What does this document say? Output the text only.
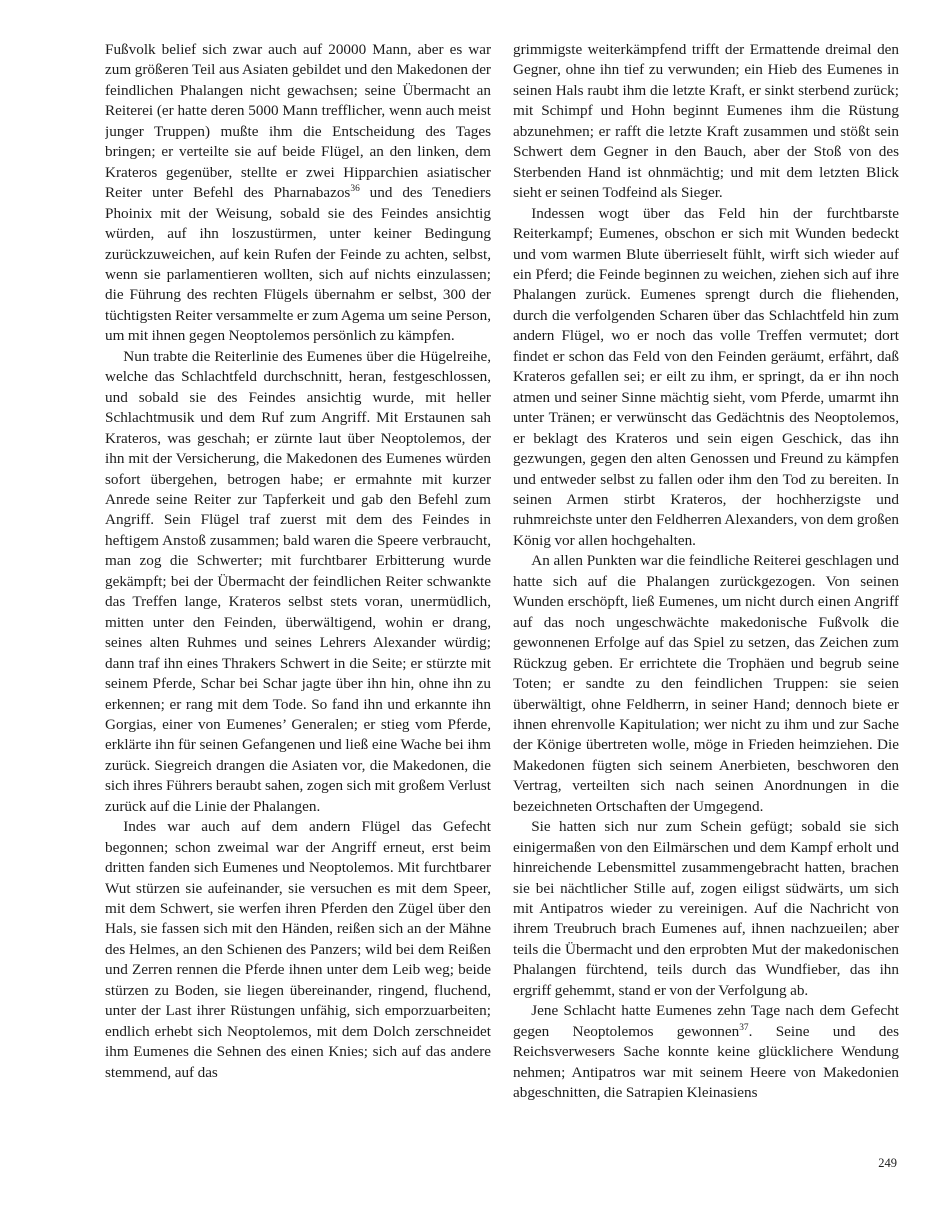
Fußvolk belief sich zwar auch auf 20000 Mann, aber es war zum größeren Teil aus Asiaten gebildet und den Makedonen der feindlichen Phalangen nicht gewachsen; seine Übermacht an Reiterei (er hatte deren 5000 Mann trefflicher, wenn auch meist junger Truppen) mußte ihm die Entscheidung des Tages bringen; er verteilte sie auf beide Flügel, an den linken, dem Krateros gegenüber, stellte er zwei Hipparchien asiatischer Reiter unter Befehl des Pharnabazos$^{36}$ und des Tenediers Phoinix mit der Weisung, sobald sie des Feindes ansichtig würden, auf ihn loszustürmen, unter keiner Bedingung zurückzuweichen, auf kein Rufen der Feinde zu achten, selbst, wenn sie parlamentieren wollten, sich auf nichts einzulassen; die Führung des rechten Flügels übernahm er selbst, 300 der tüchtigsten Reiter versammelte er zum Agema um seine Person, um mit ihnen gegen Neoptolemos persönlich zu kämpfen.

Nun trabte die Reiterlinie des Eumenes über die Hügelreihe, welche das Schlachtfeld durchschnitt, heran, festgeschlossen, und sobald sie des Feindes ansichtig wurde, mit heller Schlachtmusik und dem Ruf zum Angriff. Mit Erstaunen sah Krateros, was geschah; er zürnte laut über Neoptolemos, der ihn mit der Versicherung, die Makedonen des Eumenes würden sofort übergehen, betrogen habe; er ermahnte mit kurzer Anrede seine Reiter zur Tapferkeit und gab den Befehl zum Angriff. Sein Flügel traf zuerst mit dem des Feindes in heftigem Anstoß zusammen; bald waren die Speere verbraucht, man zog die Schwerter; mit furchtbarer Erbitterung wurde gekämpft; bei der Übermacht der feindlichen Reiter schwankte das Treffen lange, Krateros selbst stets voran, unermüdlich, mitten unter den Feinden, überwältigend, wohin er drang, seines alten Ruhmes und seines Lehrers Alexander würdig; dann traf ihn eines Thrakers Schwert in die Seite; er stürzte mit seinem Pferde, Schar bei Schar jagte über ihn hin, ohne ihn zu erkennen; er rang mit dem Tode. So fand ihn und erkannte ihn Gorgias, einer von Eumenes’ Generalen; er stieg vom Pferde, erklärte ihn für seinen Gefangenen und ließ eine Wache bei ihm zurück. Siegreich drangen die Asiaten vor, die Makedonen, die sich ihres Führers beraubt sahen, zogen sich mit großem Verlust zurück auf die Linie der Phalangen.

Indes war auch auf dem andern Flügel das Gefecht begonnen; schon zweimal war der Angriff erneut, erst beim dritten fanden sich Eumenes und Neoptolemos. Mit furchtbarer Wut stürzen sie aufeinander, sie versuchen es mit dem Speer, mit dem Schwert, sie werfen ihren Pferden den Zügel über den Hals, sie fassen sich mit den Händen, reißen sich an der Mähne des Helmes, an den Schienen des Panzers; wild bei dem Reißen und Zerren rennen die Pferde ihnen unter dem Leib weg; beide stürzen zu Boden, sie liegen übereinander, ringend, fluchend, unter der Last ihrer Rüstungen unfähig, sich emporzuarbeiten; endlich erhebt sich Neoptolemos, mit dem Dolch zerschneidet ihm Eumenes die Sehnen des einen Knies; sich auf das andere stemmend, auf das

grimmigste weiterkämpfend trifft der Ermattende dreimal den Gegner, ohne ihn tief zu verwunden; ein Hieb des Eumenes in seinen Hals raubt ihm die letzte Kraft, er sinkt sterbend zurück; mit Schimpf und Hohn beginnt Eumenes ihm die Rüstung abzunehmen; er rafft die letzte Kraft zusammen und stößt sein Schwert dem Gegner in den Bauch, aber der Stoß von des Sterbenden Hand ist ohnmächtig; und mit dem letzten Blick sieht er seinen Todfeind als Sieger.

Indessen wogt über das Feld hin der furchtbarste Reiterkampf; Eumenes, obschon er sich mit Wunden bedeckt und vom warmen Blute überrieselt fühlt, wirft sich wieder auf ein Pferd; die Feinde beginnen zu weichen, ziehen sich auf ihre Phalangen zurück. Eumenes sprengt durch die fliehenden, durch die verfolgenden Scharen über das Schlachtfeld hin zum andern Flügel, wo er noch das volle Treffen vermutet; dort findet er schon das Feld von den Feinden geräumt, erfährt, daß Krateros gefallen sei; er eilt zu ihm, er springt, da er ihn noch atmen und seiner Sinne mächtig sieht, vom Pferde, umarmt ihn unter Tränen; er verwünscht das Gedächtnis des Neoptolemos, er beklagt des Krateros und sein eigen Geschick, das ihn gezwungen, gegen den alten Genossen und Freund zu kämpfen und entweder selbst zu fallen oder ihm den Tod zu bereiten. In seinen Armen stirbt Krateros, der hochherzigste und ruhmreichste unter den Feldherren Alexanders, von dem großen König vor allen hochgehalten.

An allen Punkten war die feindliche Reiterei geschlagen und hatte sich auf die Phalangen zurückgezogen. Von seinen Wunden erschöpft, ließ Eumenes, um nicht durch einen Angriff auf das noch ungeschwächte makedonische Fußvolk die gewonnenen Erfolge auf das Spiel zu setzen, das Zeichen zum Rückzug geben. Er errichtete die Trophäen und begrub seine Toten; er sandte zu den feindlichen Truppen: sie seien überwältigt, ohne Feldherrn, in seiner Hand; dennoch biete er ihnen ehrenvolle Kapitulation; wer nicht zu ihm und zur Sache der Könige übertreten wolle, möge in Frieden heimziehen. Die Makedonen fügten sich seinem Anerbieten, beschworen den Vertrag, verteilten sich nach seinen Anordnungen in die bezeichneten Ortschaften der Umgegend.

Sie hatten sich nur zum Schein gefügt; sobald sie sich einigermaßen von den Eilmärschen und dem Kampf erholt und hinreichende Lebensmittel zusammengebracht hatten, brachen sie bei nächtlicher Stille auf, zogen eiligst südwärts, um sich mit Antipatros wieder zu vereinigen. Auf die Nachricht von ihrem Treubruch brach Eumenes auf, ihnen nachzueilen; aber teils die Übermacht und den erprobten Mut der makedonischen Phalangen fürchtend, teils durch das Wundfieber, das ihn ergriff gehemmt, stand er von der Verfolgung ab.

Jene Schlacht hatte Eumenes zehn Tage nach dem Gefecht gegen Neoptolemos gewonnen$^{37}$. Seine und des Reichsverwesers Sache konnte keine glücklichere Wendung nehmen; Antipatros war mit seinem Heere von Makedonien abgeschnitten, die Satrapien Kleinasiens

249
